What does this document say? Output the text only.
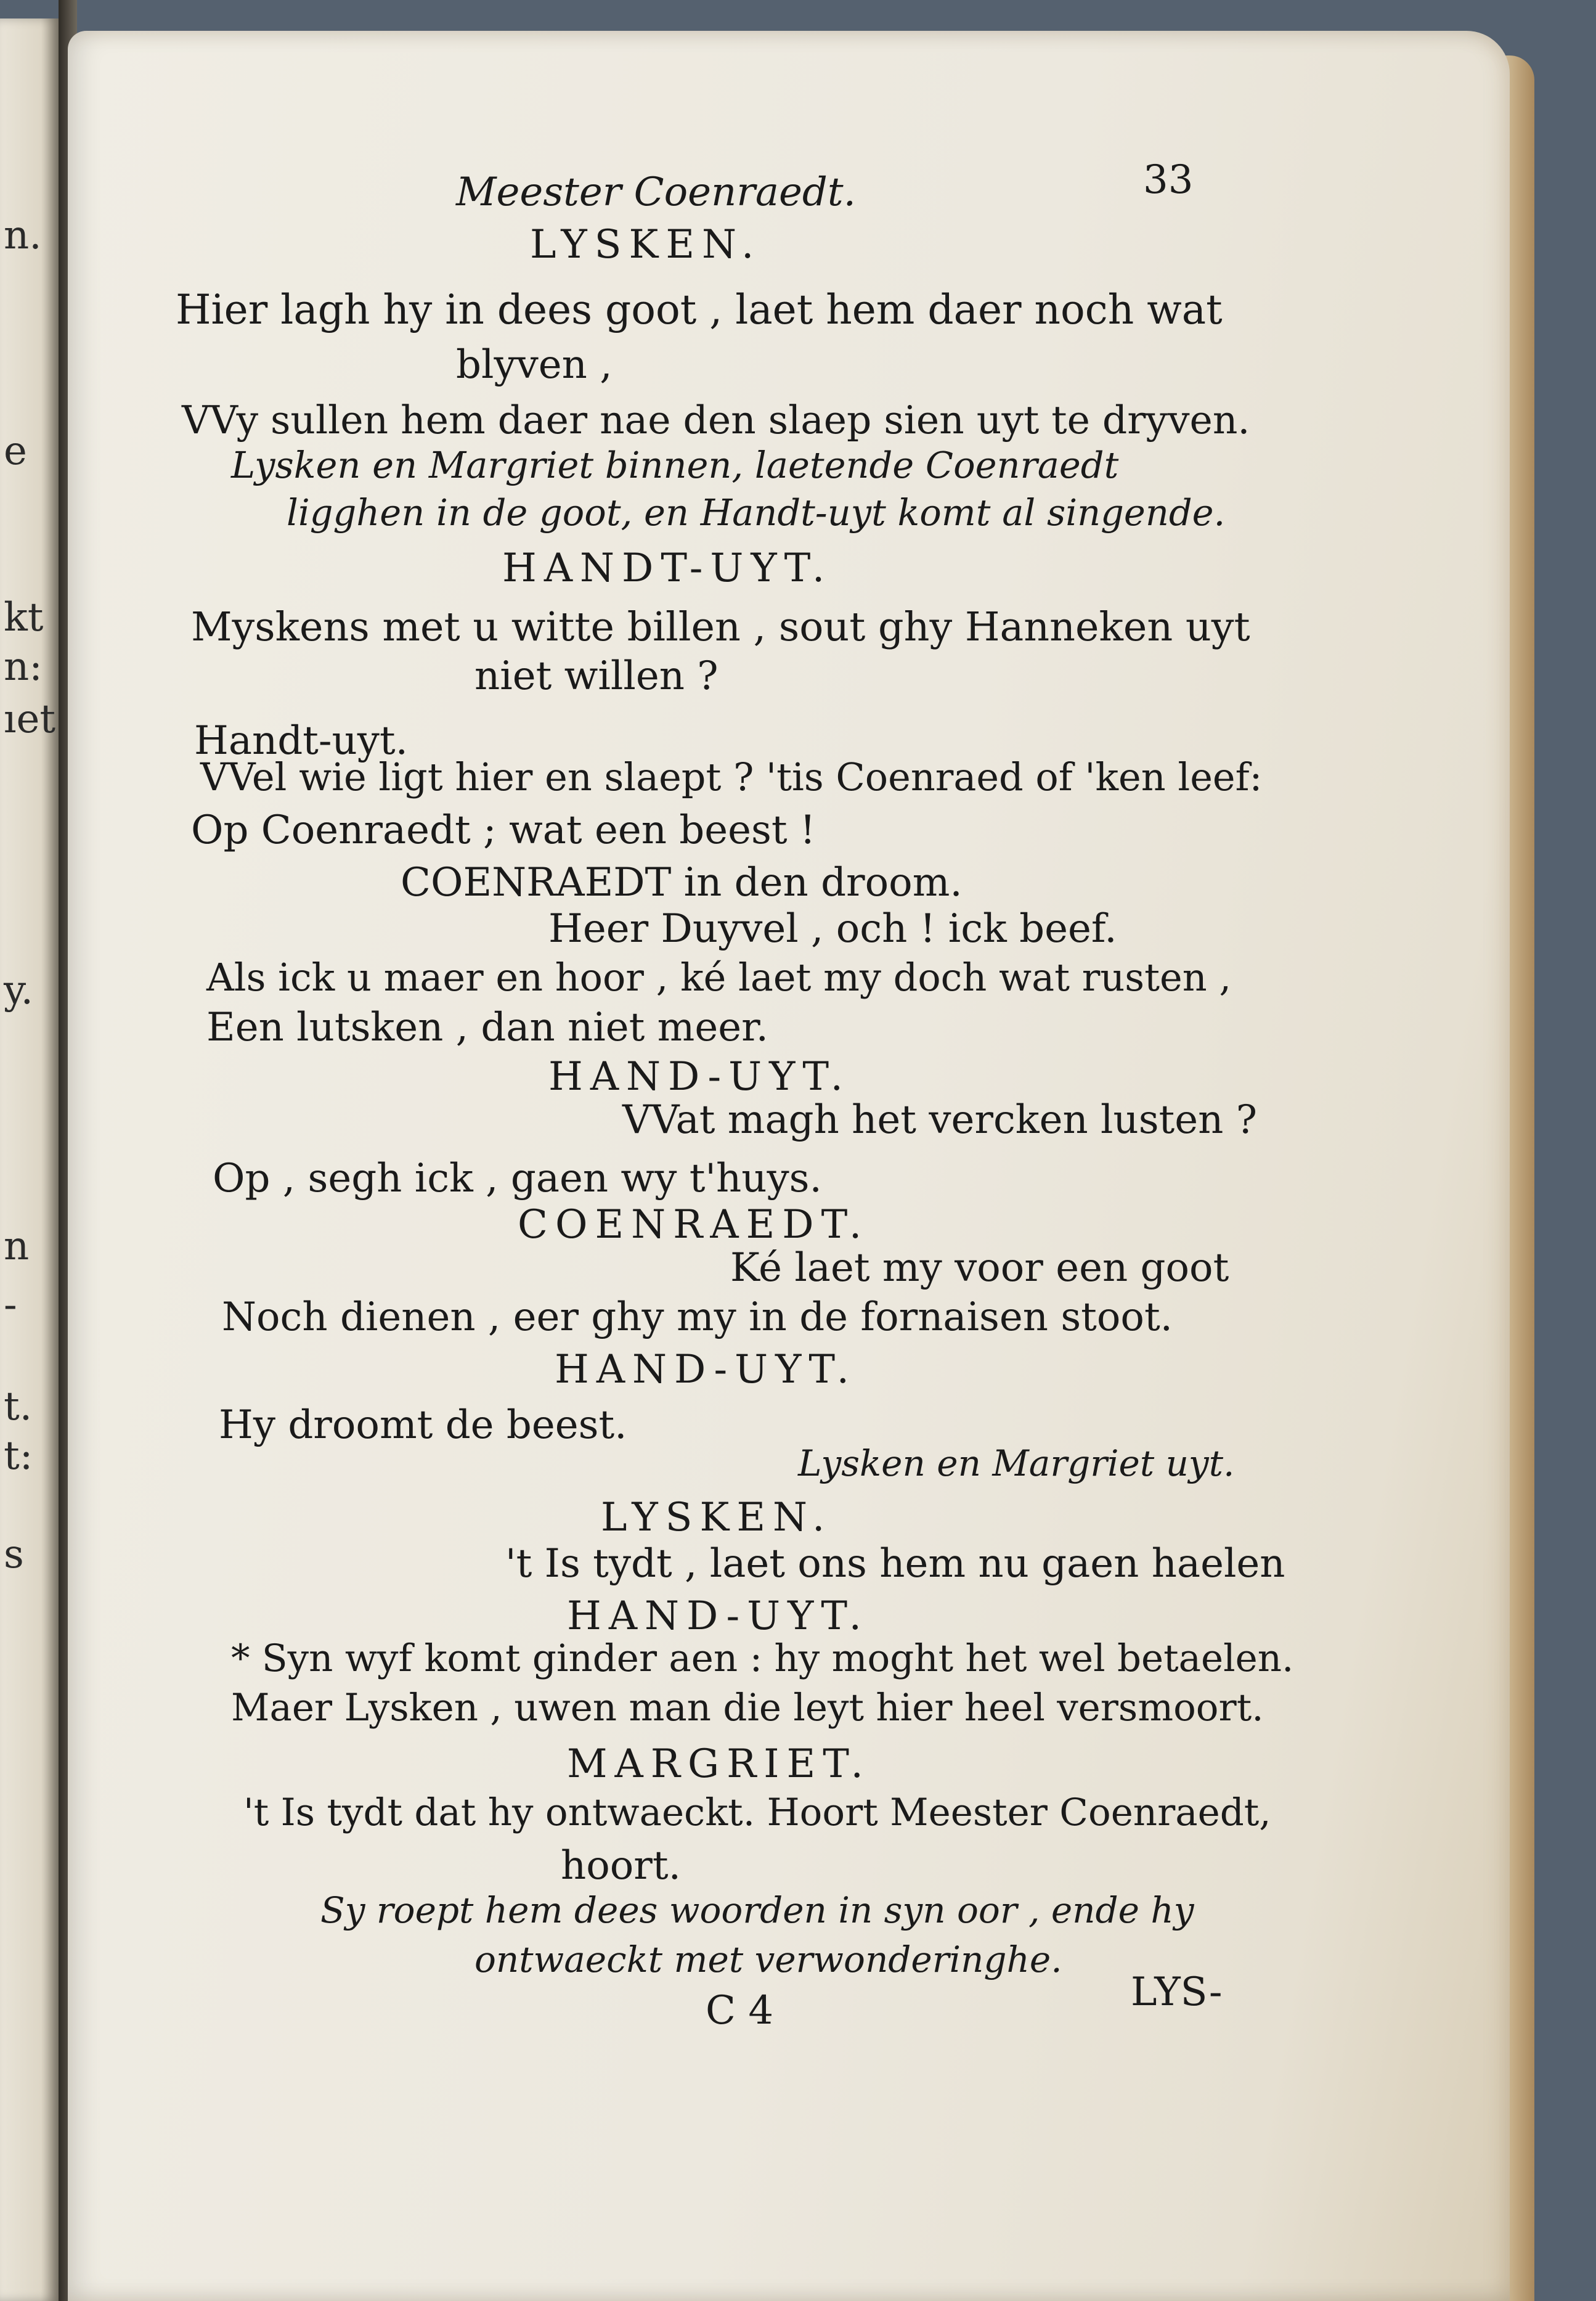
n.
e
kt
n:
ıet
y.
n
-
t.
t:
s
Meester Coenraedt.	33
LYSKEN.
Hier lagh hy in dees goot , laet hem daer noch wat
blyven ,
VVy sullen hem daer nae den slaep sien uyt te dryven.
Lysken en Margriet binnen, laetende Coenraedt
ligghen in de goot, en Handt-uyt komt al singende.
HANDT-UYT.
Myskens met u witte billen , sout ghy Hanneken uyt
niet willen ?
Handt-uyt.
VVel wie ligt hier en slaept ? 'tis Coenraed of 'ken leef:
Op Coenraedt ; wat een beest !
COENRAEDT in den droom.
Heer Duyvel , och ! ick beef.
Als ick u maer en hoor , ké laet my doch wat rusten ,
Een lutsken , dan niet meer.
HAND-UYT.
VVat magh het vercken lusten ?
Op , segh ick , gaen wy t'huys.
COENRAEDT.
Ké laet my voor een goot
Noch dienen , eer ghy my in de fornaisen stoot.
HAND-UYT.
Hy droomt de beest.
Lysken en Margriet uyt.
LYSKEN.
't Is tydt , laet ons hem nu gaen haelen
HAND-UYT.
* Syn wyf komt ginder aen : hy moght het wel betaelen.
Maer Lysken , uwen man die leyt hier heel versmoort.
MARGRIET.
't Is tydt dat hy ontwaeckt. Hoort Meester Coenraedt,
hoort.
Sy roept hem dees woorden in syn oor , ende hy
ontwaeckt met verwonderinghe.
C 4	LYS-
